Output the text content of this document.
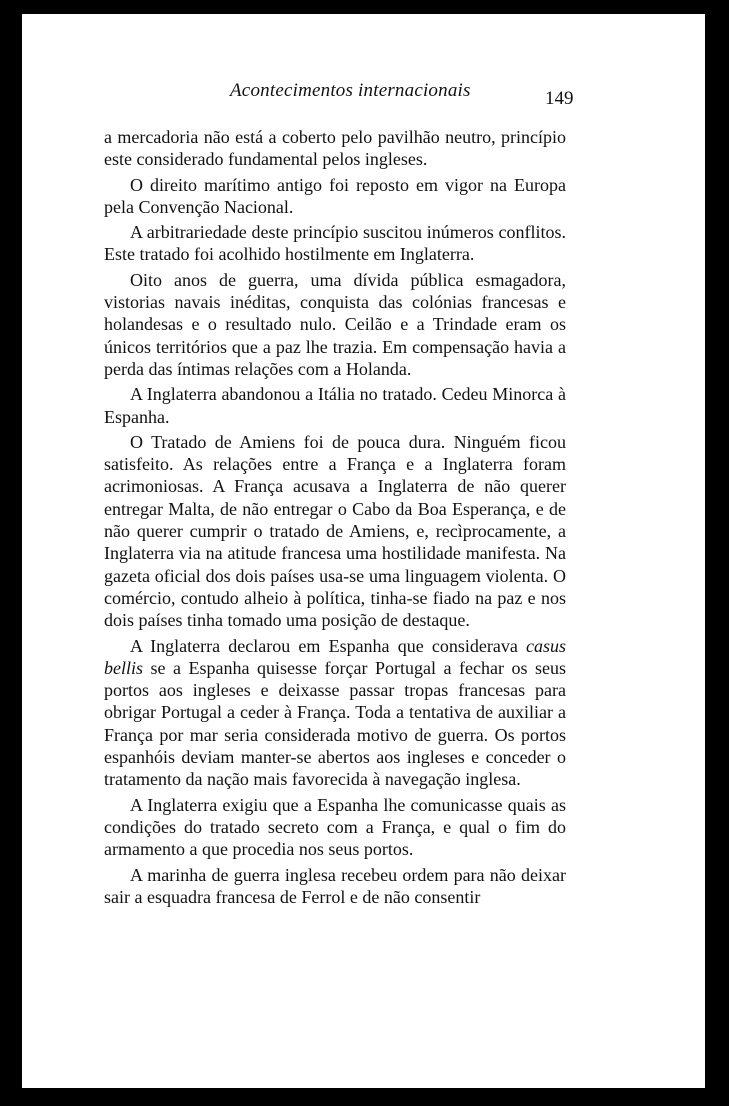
Acontecimentos internacionais	149

a mercadoria não está a coberto pelo pavilhão neutro, princípio este considerado fundamental pelos ingleses.

O direito marítimo antigo foi reposto em vigor na Europa pela Convenção Nacional.

A arbitrariedade deste princípio suscitou inúmeros conflitos. Este tratado foi acolhido hostilmente em Inglaterra.

Oito anos de guerra, uma dívida pública esmagadora, vistorias navais inéditas, conquista das colónias francesas e holandesas e o resultado nulo. Ceilão e a Trindade eram os únicos territórios que a paz lhe trazia. Em compensação havia a perda das íntimas relações com a Holanda.

A Inglaterra abandonou a Itália no tratado. Cedeu Minorca à Espanha.

O Tratado de Amiens foi de pouca dura. Ninguém ficou satisfeito. As relações entre a França e a Inglaterra foram acrimoniosas. A França acusava a Inglaterra de não querer entregar Malta, de não entregar o Cabo da Boa Esperança, e de não querer cumprir o tratado de Amiens, e, recìprocamente, a Inglaterra via na atitude francesa uma hostilidade manifesta. Na gazeta oficial dos dois países usa-se uma linguagem violenta. O comércio, contudo alheio à política, tinha-se fiado na paz e nos dois países tinha tomado uma posição de destaque.

A Inglaterra declarou em Espanha que considerava casus bellis se a Espanha quisesse forçar Portugal a fechar os seus portos aos ingleses e deixasse passar tropas francesas para obrigar Portugal a ceder à França. Toda a tentativa de auxiliar a França por mar seria considerada motivo de guerra. Os portos espanhóis deviam manter-se abertos aos ingleses e conceder o tratamento da nação mais favorecida à navegação inglesa.

A Inglaterra exigiu que a Espanha lhe comunicasse quais as condições do tratado secreto com a França, e qual o fim do armamento a que procedia nos seus portos.

A marinha de guerra inglesa recebeu ordem para não deixar sair a esquadra francesa de Ferrol e de não consentir
